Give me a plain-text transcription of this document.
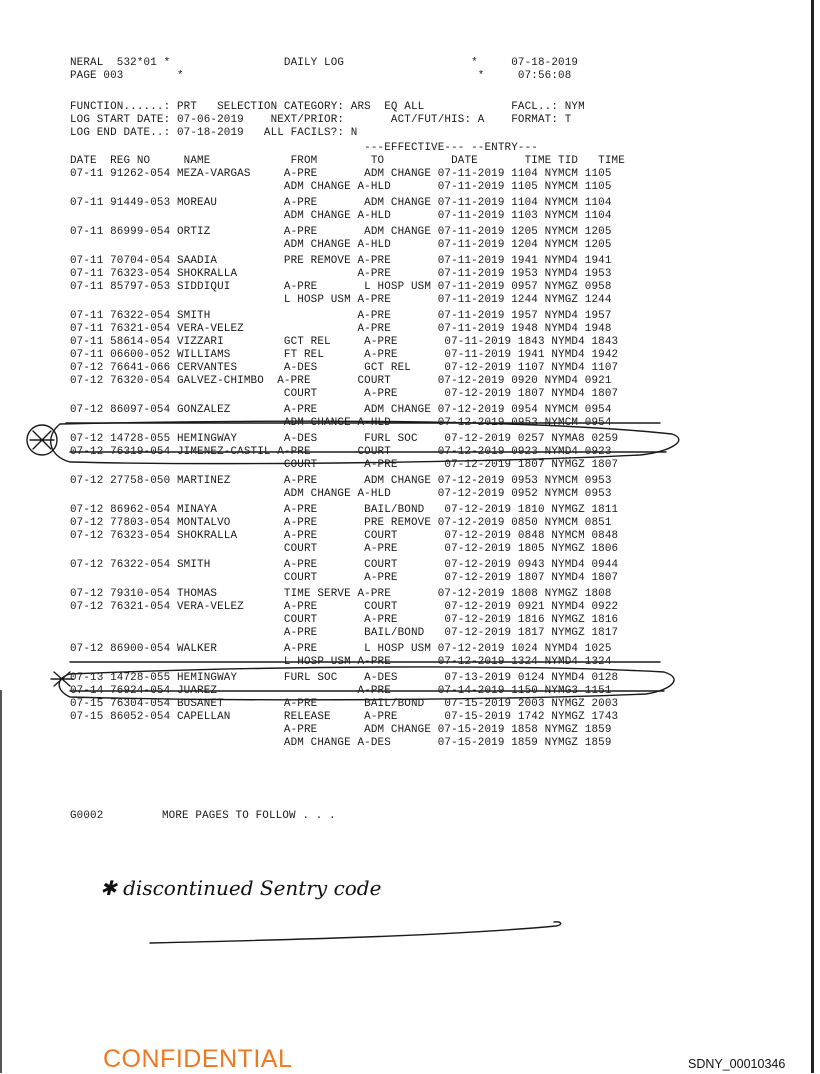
NERAL  532*01 *                 DAILY LOG                   *     07-18-2019
PAGE 003        *                                            *     07:56:08
FUNCTION......: PRT   SELECTION CATEGORY: ARS  EQ ALL             FACL..: NYM
LOG START DATE: 07-06-2019    NEXT/PRIOR:       ACT/FUT/HIS: A    FORMAT: T
LOG END DATE..: 07-18-2019   ALL FACILS?: N
---EFFECTIVE--- --ENTRY---
DATE  REG NO     NAME            FROM        TO          DATE       TIME TID   TIME
07-11 91262-054 MEZA-VARGAS     A-PRE       ADM CHANGE 07-11-2019 1104 NYMCM 1105
ADM CHANGE A-HLD       07-11-2019 1105 NYMCM 1105
07-11 91449-053 MOREAU          A-PRE       ADM CHANGE 07-11-2019 1104 NYMCM 1104
ADM CHANGE A-HLD       07-11-2019 1103 NYMCM 1104
07-11 86999-054 ORTIZ           A-PRE       ADM CHANGE 07-11-2019 1205 NYMCM 1205
ADM CHANGE A-HLD       07-11-2019 1204 NYMCM 1205
07-11 70704-054 SAADIA          PRE REMOVE A-PRE       07-11-2019 1941 NYMD4 1941
07-11 76323-054 SHOKRALLA                  A-PRE       07-11-2019 1953 NYMD4 1953
07-11 85797-053 SIDDIQUI        A-PRE       L HOSP USM 07-11-2019 0957 NYMGZ 0958
L HOSP USM A-PRE       07-11-2019 1244 NYMGZ 1244
07-11 76322-054 SMITH                      A-PRE       07-11-2019 1957 NYMD4 1957
07-11 76321-054 VERA-VELEZ                 A-PRE       07-11-2019 1948 NYMD4 1948
07-11 58614-054 VIZZARI         GCT REL     A-PRE       07-11-2019 1843 NYMD4 1843
07-11 06600-052 WILLIAMS        FT REL      A-PRE       07-11-2019 1941 NYMD4 1942
07-12 76641-066 CERVANTES       A-DES       GCT REL     07-12-2019 1107 NYMD4 1107
07-12 76320-054 GALVEZ-CHIMBO  A-PRE       COURT       07-12-2019 0920 NYMD4 0921
COURT       A-PRE       07-12-2019 1807 NYMD4 1807
07-12 86097-054 GONZALEZ        A-PRE       ADM CHANGE 07-12-2019 0954 NYMCM 0954
ADM CHANGE A-HLD       07-12-2019 0953 NYMCM 0954
07-12 14728-055 HEMINGWAY       A-DES       FURL SOC    07-12-2019 0257 NYMA8 0259
07-12 76319-054 JIMENEZ-CASTIL A-PRE       COURT       07-12-2019 0923 NYMD4 0923
COURT       A-PRE       07-12-2019 1807 NYMGZ 1807
07-12 27758-050 MARTINEZ        A-PRE       ADM CHANGE 07-12-2019 0953 NYMCM 0953
ADM CHANGE A-HLD       07-12-2019 0952 NYMCM 0953
07-12 86962-054 MINAYA          A-PRE       BAIL/BOND   07-12-2019 1810 NYMGZ 1811
07-12 77803-054 MONTALVO        A-PRE       PRE REMOVE 07-12-2019 0850 NYMCM 0851
07-12 76323-054 SHOKRALLA       A-PRE       COURT       07-12-2019 0848 NYMCM 0848
COURT       A-PRE       07-12-2019 1805 NYMGZ 1806
07-12 76322-054 SMITH           A-PRE       COURT       07-12-2019 0943 NYMD4 0944
COURT       A-PRE       07-12-2019 1807 NYMD4 1807
07-12 79310-054 THOMAS          TIME SERVE A-PRE       07-12-2019 1808 NYMGZ 1808
07-12 76321-054 VERA-VELEZ      A-PRE       COURT       07-12-2019 0921 NYMD4 0922
COURT       A-PRE       07-12-2019 1816 NYMGZ 1816
A-PRE       BAIL/BOND   07-12-2019 1817 NYMGZ 1817
07-12 86900-054 WALKER          A-PRE       L HOSP USM 07-12-2019 1024 NYMD4 1025
L HOSP USM A-PRE       07-12-2019 1324 NYMD4 1324
07-13 14728-055 HEMINGWAY       FURL SOC    A-DES       07-13-2019 0124 NYMD4 0128
07-14 76924-054 JUAREZ                     A-PRE       07-14-2019 1150 NYMG3 1151
07-15 76304-054 BUSANET         A-PRE       BAIL/BOND   07-15-2019 2003 NYMGZ 2003
07-15 86052-054 CAPELLAN        RELEASE     A-PRE       07-15-2019 1742 NYMGZ 1743
A-PRE       ADM CHANGE 07-15-2019 1858 NYMGZ 1859
ADM CHANGE A-DES       07-15-2019 1859 NYMGZ 1859
G0002	MORE PAGES TO FOLLOW . . .
✱ discontinued Sentry code
CONFIDENTIAL	SDNY_00010346
